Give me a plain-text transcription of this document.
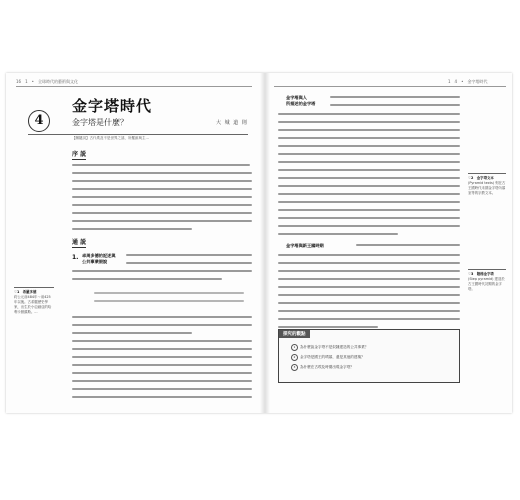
16　1　•　全球時代的藝術與文化
金字塔時代
4	金字塔是什麼？	大 城 道 則
【關鍵詞】古代埃及不是世界之謎、所羅維與主…
序 説
通 説
1. 卓周多德的記述與
公共事業假說
♡1　希羅多德
約公元前484年～前425年以後。古希臘歷史學家，出生於小亞細亞的哈利卡納蘇斯。...
1　4　•　金字塔時代
金字塔與人
所描述的金字塔
金字塔與新王國時期
♡2　金字塔文本
(Pyramid texts) 刻在古王國時代末期金字塔內墓室等的宗教文本。
♡3　階梯金字塔
(Step pyramid) 建造於古王國時代初期的金字塔。
探究的觀點
1 為什麼說金字塔不是奴隸建造的公共事業？
2 金字塔是國王的墳墓，還是其他的建築？
3 為什麼在古埃及時期出現金字塔？
